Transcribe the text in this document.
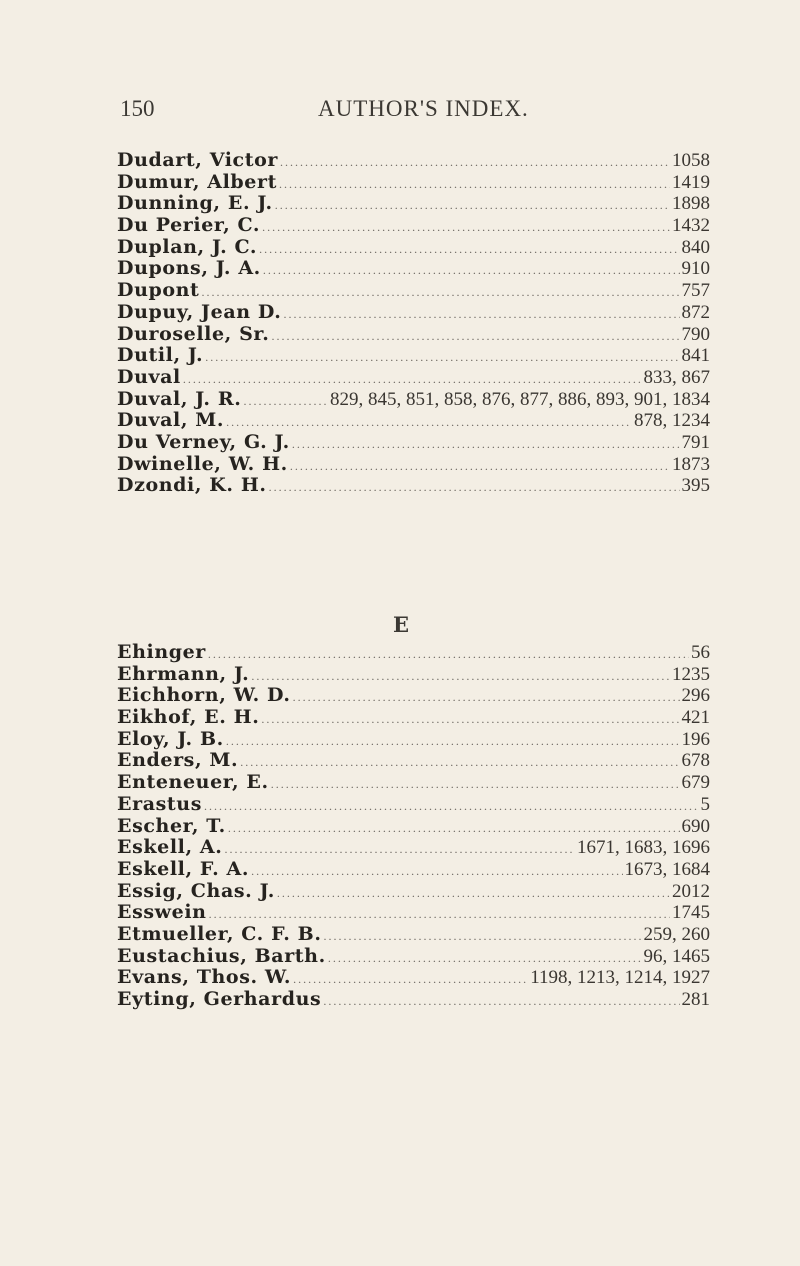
150	AUTHOR'S INDEX.
Dudart, Victor .....	1058
Dumur, Albert .....	1419
Dunning, E. J. .....	1898
Du Perier, C. .....	1432
Duplan, J. C. .....	840
Dupons, J. A. .....	910
Dupont .....	757
Dupuy, Jean D. .....	872
Duroselle, Sr. .....	790
Dutil, J. .....	841
Duval .....	833, 867
Duval, J. R. .....	829, 845, 851, 858, 876, 877, 886, 893, 901, 1834
Duval, M. .....	878, 1234
Du Verney, G. J. .....	791
Dwinelle, W. H. .....	1873
Dzondi, K. H. .....	395
E
Ehinger .....	56
Ehrmann, J. .....	1235
Eichhorn, W. D. .....	296
Eikhof, E. H. .....	421
Eloy, J. B. .....	196
Enders, M. .....	678
Enteneuer, E. .....	679
Erastus .....	5
Escher, T. .....	690
Eskell, A. .....	1671, 1683, 1696
Eskell, F. A. .....	1673, 1684
Essig, Chas. J. .....	2012
Esswein .....	1745
Etmueller, C. F. B. .....	259, 260
Eustachius, Barth. .....	96, 1465
Evans, Thos. W. .....	1198, 1213, 1214, 1927
Eyting, Gerhardus .....	281
